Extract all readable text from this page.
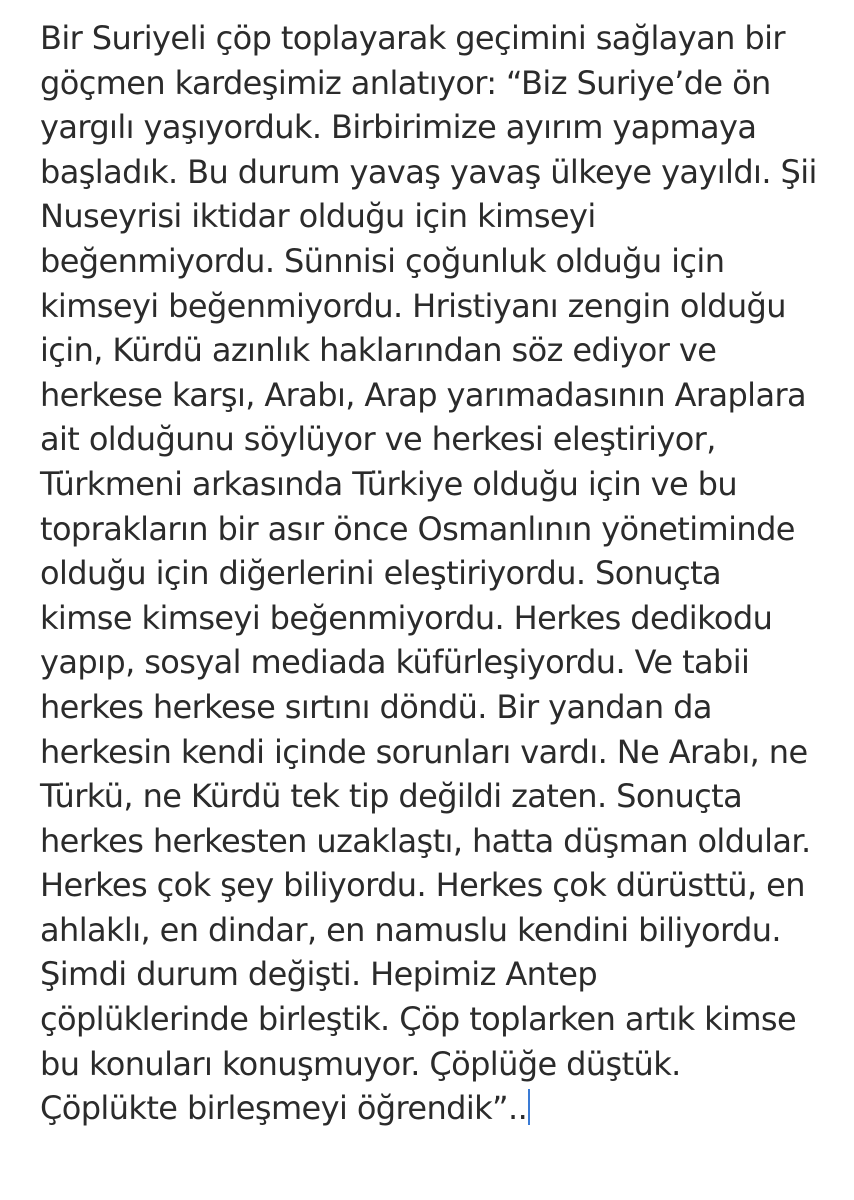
Bir Suriyeli çöp toplayarak geçimini sağlayan bir
göçmen kardeşimiz anlatıyor: “Biz Suriye’de ön
yargılı yaşıyorduk. Birbirimize ayırım yapmaya
başladık. Bu durum yavaş yavaş ülkeye yayıldı. Şii
Nuseyrisi iktidar olduğu için kimseyi
beğenmiyordu. Sünnisi çoğunluk olduğu için
kimseyi beğenmiyordu. Hristiyanı zengin olduğu
için, Kürdü azınlık haklarından söz ediyor ve
herkese karşı, Arabı, Arap yarımadasının Araplara
ait olduğunu söylüyor ve herkesi eleştiriyor,
Türkmeni arkasında Türkiye olduğu için ve bu
toprakların bir asır önce Osmanlının yönetiminde
olduğu için diğerlerini eleştiriyordu. Sonuçta
kimse kimseyi beğenmiyordu. Herkes dedikodu
yapıp, sosyal mediada küfürleşiyordu. Ve tabii
herkes herkese sırtını döndü. Bir yandan da
herkesin kendi içinde sorunları vardı. Ne Arabı, ne
Türkü, ne Kürdü tek tip değildi zaten. Sonuçta
herkes herkesten uzaklaştı, hatta düşman oldular.
Herkes çok şey biliyordu. Herkes çok dürüsttü, en
ahlaklı, en dindar, en namuslu kendini biliyordu.
Şimdi durum değişti. Hepimiz Antep
çöplüklerinde birleştik. Çöp toplarken artık kimse
bu konuları konuşmuyor. Çöplüğe düştük.
Çöplükte birleşmeyi öğrendik”..
